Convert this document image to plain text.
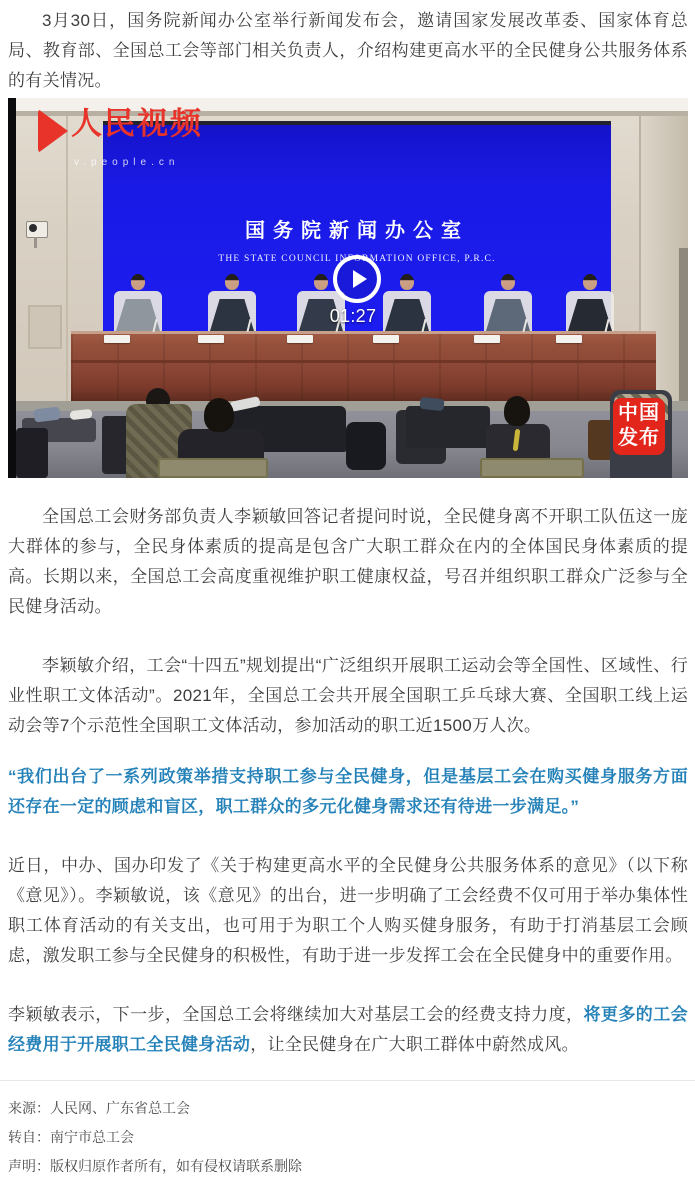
3月30日，国务院新闻办公室举行新闻发布会，邀请国家发展改革委、国家体育总局、教育部、全国总工会等部门相关负责人，介绍构建更高水平的全民健身公共服务体系的有关情况。

国务院新闻办公室
THE STATE COUNCIL INFORMATION OFFICE, P.R.C.
人民视频
v.people.cn
01:27
中国
发布

全国总工会财务部负责人李颖敏回答记者提问时说，全民健身离不开职工队伍这一庞大群体的参与，全民身体素质的提高是包含广大职工群众在内的全体国民身体素质的提高。长期以来，全国总工会高度重视维护职工健康权益，号召并组织职工群众广泛参与全民健身活动。

李颖敏介绍，工会“十四五”规划提出“广泛组织开展职工运动会等全国性、区域性、行业性职工文体活动”。2021年，全国总工会共开展全国职工乒乓球大赛、全国职工线上运动会等7个示范性全国职工文体活动，参加活动的职工近1500万人次。

“我们出台了一系列政策举措支持职工参与全民健身，但是基层工会在购买健身服务方面还存在一定的顾虑和盲区，职工群众的多元化健身需求还有待进一步满足。”

近日，中办、国办印发了《关于构建更高水平的全民健身公共服务体系的意见》（以下称《意见》）。李颖敏说，该《意见》的出台，进一步明确了工会经费不仅可用于举办集体性职工体育活动的有关支出，也可用于为职工个人购买健身服务，有助于打消基层工会顾虑，激发职工参与全民健身的积极性，有助于进一步发挥工会在全民健身中的重要作用。

李颖敏表示，下一步，全国总工会将继续加大对基层工会的经费支持力度，将更多的工会经费用于开展职工全民健身活动，让全民健身在广大职工群体中蔚然成风。

来源：人民网、广东省总工会
转自：南宁市总工会
声明：版权归原作者所有，如有侵权请联系删除
